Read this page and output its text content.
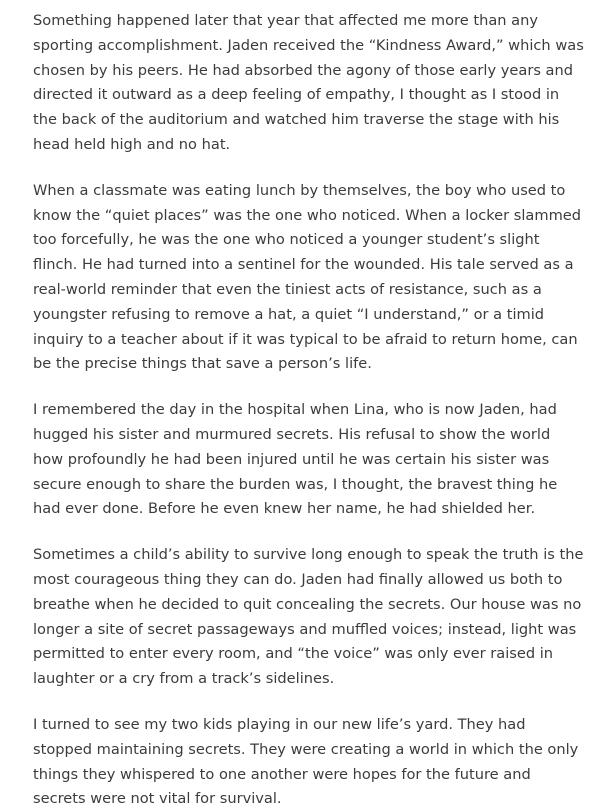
Something happened later that year that affected me more than any sporting accomplishment. Jaden received the “Kindness Award,” which was chosen by his peers. He had absorbed the agony of those early years and directed it outward as a deep feeling of empathy, I thought as I stood in the back of the auditorium and watched him traverse the stage with his head held high and no hat.

When a classmate was eating lunch by themselves, the boy who used to know the “quiet places” was the one who noticed. When a locker slammed too forcefully, he was the one who noticed a younger student’s slight flinch. He had turned into a sentinel for the wounded. His tale served as a real-world reminder that even the tiniest acts of resistance, such as a youngster refusing to remove a hat, a quiet “I understand,” or a timid inquiry to a teacher about if it was typical to be afraid to return home, can be the precise things that save a person’s life.

I remembered the day in the hospital when Lina, who is now Jaden, had hugged his sister and murmured secrets. His refusal to show the world how profoundly he had been injured until he was certain his sister was secure enough to share the burden was, I thought, the bravest thing he had ever done. Before he even knew her name, he had shielded her.

Sometimes a child’s ability to survive long enough to speak the truth is the most courageous thing they can do. Jaden had finally allowed us both to breathe when he decided to quit concealing the secrets. Our house was no longer a site of secret passageways and muffled voices; instead, light was permitted to enter every room, and “the voice” was only ever raised in laughter or a cry from a track’s sidelines.

I turned to see my two kids playing in our new life’s yard. They had stopped maintaining secrets. They were creating a world in which the only things they whispered to one another were hopes for the future and secrets were not vital for survival.
